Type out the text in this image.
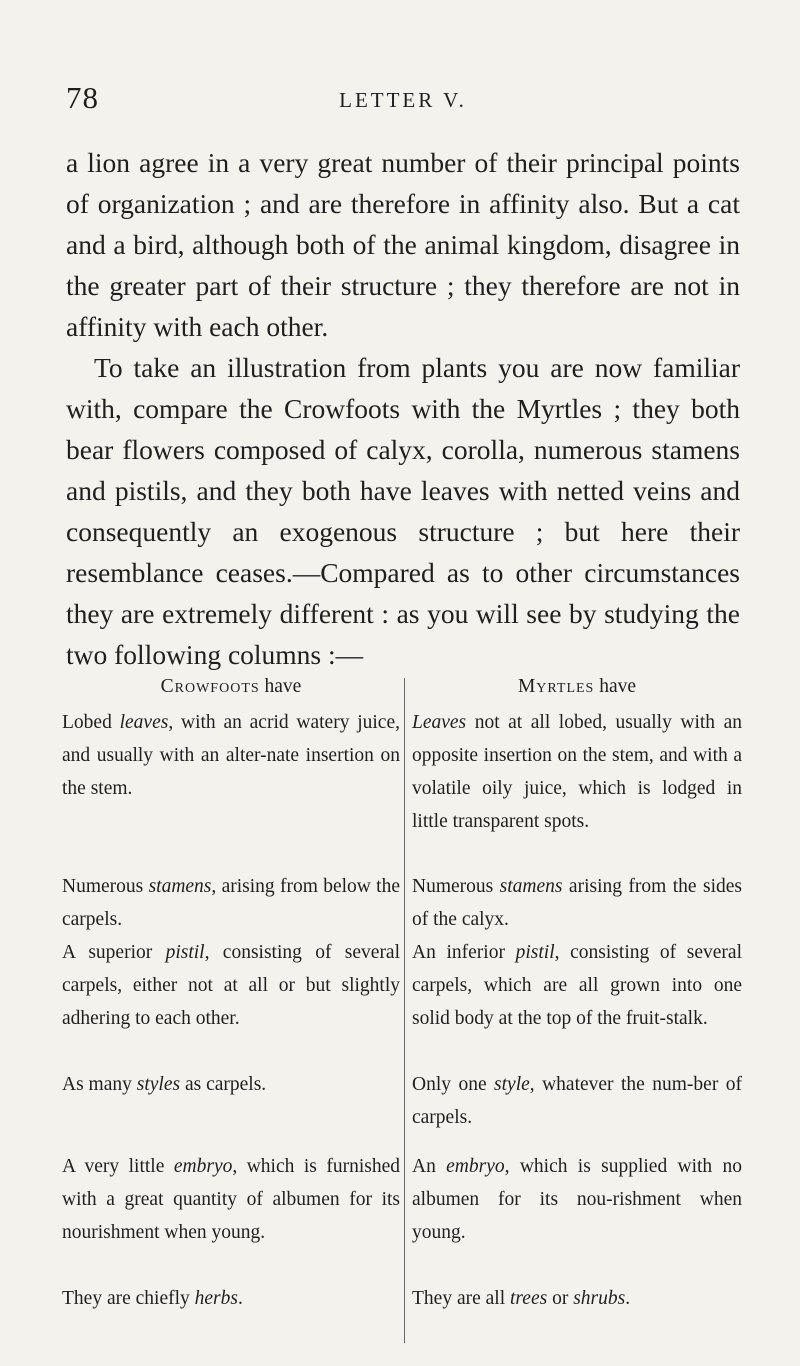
78	LETTER V.

a lion agree in a very great number of their principal points of organization ; and are therefore in affinity also. But a cat and a bird, although both of the animal kingdom, disagree in the greater part of their structure ; they therefore are not in affinity with each other.

To take an illustration from plants you are now familiar with, compare the Crowfoots with the Myrtles ; they both bear flowers composed of calyx, corolla, numerous stamens and pistils, and they both have leaves with netted veins and consequently an exogenous structure ; but here their resemblance ceases.—Compared as to other circumstances they are extremely different : as you will see by studying the two following columns :—

Crowfoots have
Lobed leaves, with an acrid watery juice, and usually with an alter-nate insertion on the stem.
Numerous stamens, arising from below the carpels.
A superior pistil, consisting of several carpels, either not at all or but slightly adhering to each other.
As many styles as carpels.
A very little embryo, which is furnished with a great quantity of albumen for its nourishment when young.
They are chiefly herbs.
Myrtles have
Leaves not at all lobed, usually with an opposite insertion on the stem, and with a volatile oily juice, which is lodged in little transparent spots.
Numerous stamens arising from the sides of the calyx.
An inferior pistil, consisting of several carpels, which are all grown into one solid body at the top of the fruit-stalk.
Only one style, whatever the num-ber of carpels.
An embryo, which is supplied with no albumen for its nou-rishment when young.
They are all trees or shrubs.
